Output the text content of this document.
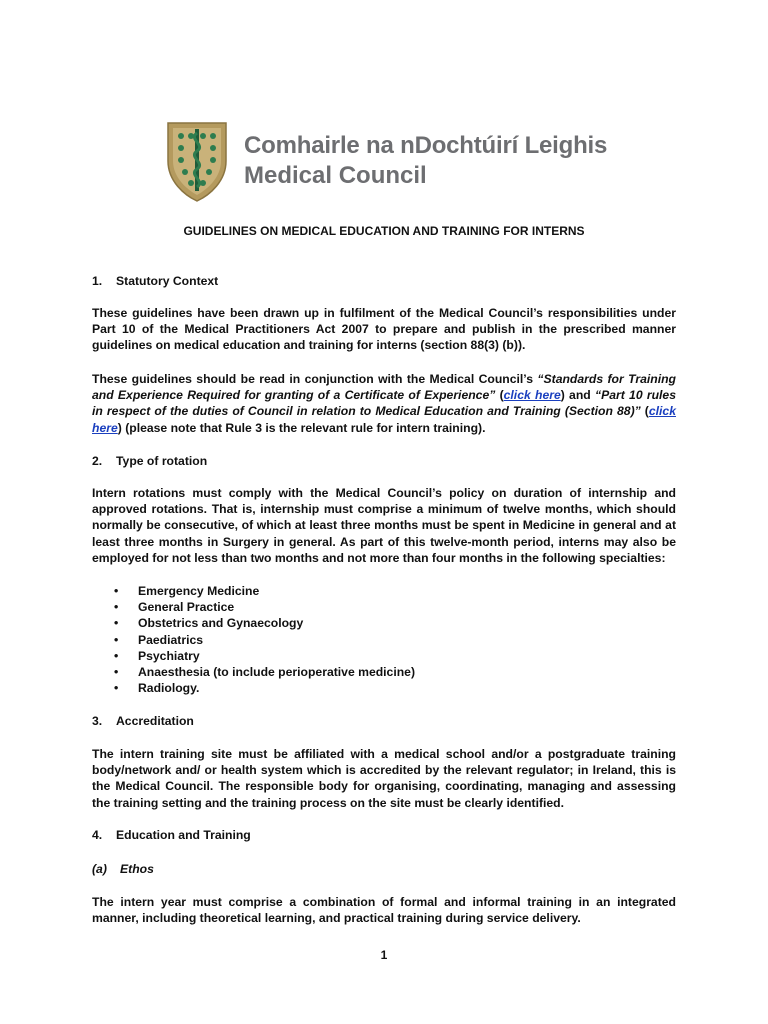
Comhairle na nDochtúirí Leighis
Medical Council
GUIDELINES ON MEDICAL EDUCATION AND TRAINING FOR INTERNS
1. Statutory Context
These guidelines have been drawn up in fulfilment of the Medical Council’s responsibilities under Part 10 of the Medical Practitioners Act 2007 to prepare and publish in the prescribed manner guidelines on medical education and training for interns (section 88(3) (b)).
These guidelines should be read in conjunction with the Medical Council’s “Standards for Training and Experience Required for granting of a Certificate of Experience” (click here) and “Part 10 rules in respect of the duties of Council in relation to Medical Education and Training (Section 88)” (click here) (please note that Rule 3 is the relevant rule for intern training).
2. Type of rotation
Intern rotations must comply with the Medical Council’s policy on duration of internship and approved rotations. That is, internship must comprise a minimum of twelve months, which should normally be consecutive, of which at least three months must be spent in Medicine in general and at least three months in Surgery in general. As part of this twelve-month period, interns may also be employed for not less than two months and not more than four months in the following specialties:
• Emergency Medicine
• General Practice
• Obstetrics and Gynaecology
• Paediatrics
• Psychiatry
• Anaesthesia (to include perioperative medicine)
• Radiology.
3. Accreditation
The intern training site must be affiliated with a medical school and/or a postgraduate training body/network and/ or health system which is accredited by the relevant regulator; in Ireland, this is the Medical Council. The responsible body for organising, coordinating, managing and assessing the training setting and the training process on the site must be clearly identified.
4. Education and Training
(a) Ethos
The intern year must comprise a combination of formal and informal training in an integrated manner, including theoretical learning, and practical training during service delivery.
1
